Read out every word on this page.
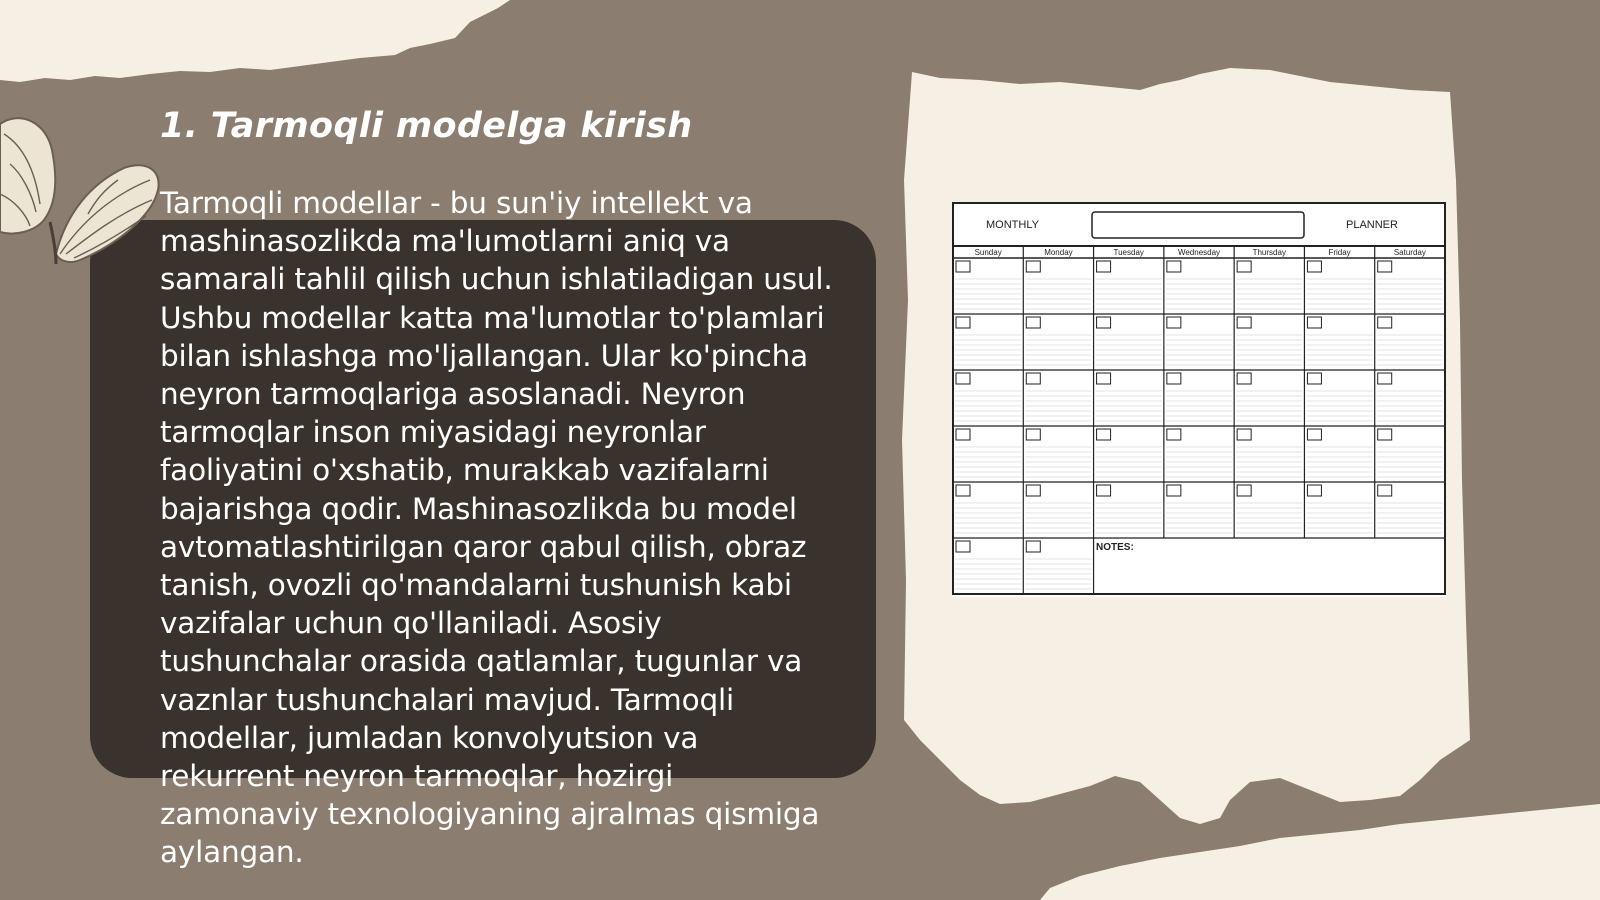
1. Tarmoqli modelga kirish
Tarmoqli modellar - bu sun'iy intellekt va mashinasozlikda ma'lumotlarni aniq va samarali tahlil qilish uchun ishlatiladigan usul. Ushbu modellar katta ma'lumotlar to'plamlari bilan ishlashga mo'ljallangan. Ular ko'pincha neyron tarmoqlariga asoslanadi. Neyron tarmoqlar inson miyasidagi neyronlar faoliyatini o'xshatib, murakkab vazifalarni bajarishga qodir. Mashinasozlikda bu model avtomatlashtirilgan qaror qabul qilish, obraz tanish, ovozli qo'mandalarni tushunish kabi vazifalar uchun qo'llaniladi. Asosiy tushunchalar orasida qatlamlar, tugunlar va vaznlar tushunchalari mavjud. Tarmoqli modellar, jumladan konvolyutsion va rekurrent neyron tarmoqlar, hozirgi zamonaviy texnologiyaning ajralmas qismiga aylangan.
MONTHLY	PLANNER
Sunday	Monday	Tuesday	Wednesday	Thursday	Friday	Saturday
NOTES:
